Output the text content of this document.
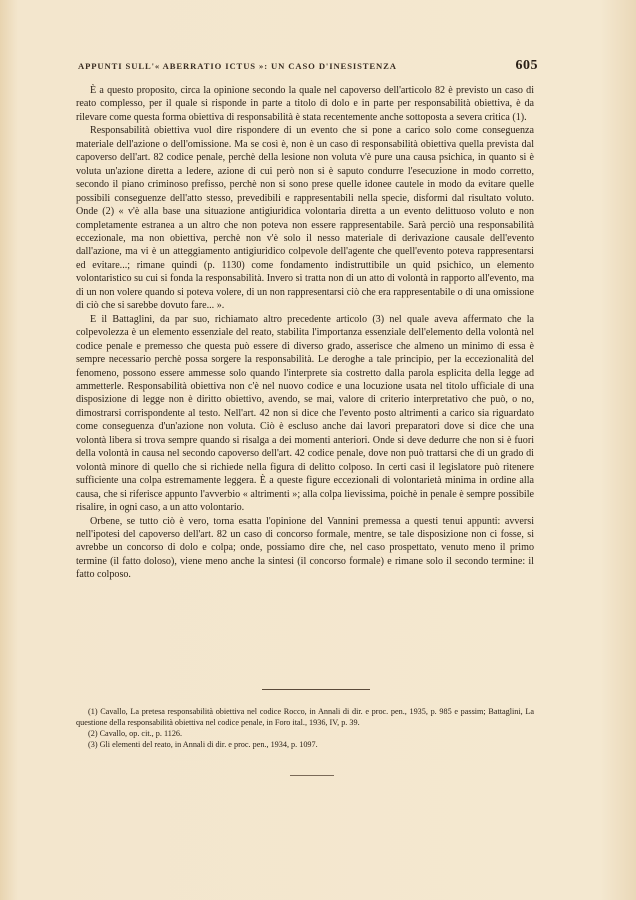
APPUNTI SULL'« ABERRATIO ICTUS »: UN CASO D'INESISTENZA	605

È a questo proposito, circa la opinione secondo la quale nel capoverso dell'articolo 82 è previsto un caso di reato complesso, per il quale si risponde in parte a titolo di dolo e in parte per responsabilità obiettiva, è da rilevare come questa forma obiettiva di responsabilità è stata recentemente anche sottoposta a severa critica (1).

Responsabilità obiettiva vuol dire rispondere di un evento che si pone a carico solo come conseguenza materiale dell'azione o dell'omissione. Ma se così è, non è un caso di responsabilità obiettiva quella prevista dal capoverso dell'art. 82 codice penale, perchè della lesione non voluta v'è pure una causa psichica, in quanto si è voluta un'azione diretta a ledere, azione di cui però non si è saputo condurre l'esecuzione in modo corretto, secondo il piano criminoso prefisso, perchè non si sono prese quelle idonee cautele in modo da evitare quelle possibili conseguenze dell'atto stesso, prevedibili e rappresentabili nella specie, disformi dal risultato voluto. Onde (2) « v'è alla base una situazione antigiuridica volontaria diretta a un evento delittuoso voluto e non completamente estranea a un altro che non poteva non essere rappresentabile. Sarà perciò una responsabilità eccezionale, ma non obiettiva, perchè non v'è solo il nesso materiale di derivazione causale dell'evento dall'azione, ma vi è un atteggiamento antigiuridico colpevole dell'agente che quell'evento poteva rappresentarsi ed evitare...; rimane quindi (p. 1130) come fondamento indistruttibile un quid psichico, un elemento volontaristico su cui si fonda la responsabilità. Invero si tratta non di un atto di volontà in rapporto all'evento, ma di un non volere quando si poteva volere, di un non rappresentarsi ciò che era rappresentabile o di una omissione di ciò che si sarebbe dovuto fare... ».

E il Battaglini, da par suo, richiamato altro precedente articolo (3) nel quale aveva affermato che la colpevolezza è un elemento essenziale del reato, stabilita l'importanza essenziale dell'elemento della volontà nel codice penale e premesso che questa può essere di diverso grado, asserisce che almeno un minimo di essa è sempre necessario perchè possa sorgere la responsabilità. Le deroghe a tale principio, per la eccezionalità del fenomeno, possono essere ammesse solo quando l'interprete sia costretto dalla parola esplicita della legge ad ammetterle. Responsabilità obiettiva non c'è nel nuovo codice e una locuzione usata nel titolo ufficiale di una disposizione di legge non è diritto obiettivo, avendo, se mai, valore di criterio interpretativo che può, o no, dimostrarsi corrispondente al testo. Nell'art. 42 non si dice che l'evento posto altrimenti a carico sia riguardato come conseguenza d'un'azione non voluta. Ciò è escluso anche dai lavori preparatori dove si dice che una volontà libera si trova sempre quando si risalga a dei momenti anteriori. Onde si deve dedurre che non si è fuori della volontà in causa nel secondo capoverso dell'art. 42 codice penale, dove non può trattarsi che di un grado di volontà minore di quello che si richiede nella figura di delitto colposo. In certi casi il legislatore può ritenere sufficiente una colpa estremamente leggera. È a queste figure eccezionali di volontarietà minima in ordine alla causa, che si riferisce appunto l'avverbio « altrimenti »; alla colpa lievissima, poichè in penale è sempre possibile risalire, in ogni caso, a un atto volontario.

Orbene, se tutto ciò è vero, torna esatta l'opinione del Vannini premessa a questi tenui appunti: avversi nell'ipotesi del capoverso dell'art. 82 un caso di concorso formale, mentre, se tale disposizione non ci fosse, si avrebbe un concorso di dolo e colpa; onde, possiamo dire che, nel caso prospettato, venuto meno il primo termine (il fatto doloso), viene meno anche la sintesi (il concorso formale) e rimane solo il secondo termine: il fatto colposo.

(1) Cavallo, La pretesa responsabilità obiettiva nel codice Rocco, in Annali di dir. e proc. pen., 1935, p. 985 e passim; Battaglini, La questione della responsabilità obiettiva nel codice penale, in Foro ital., 1936, IV, p. 39.
(2) Cavallo, op. cit., p. 1126.
(3) Gli elementi del reato, in Annali di dir. e proc. pen., 1934, p. 1097.
